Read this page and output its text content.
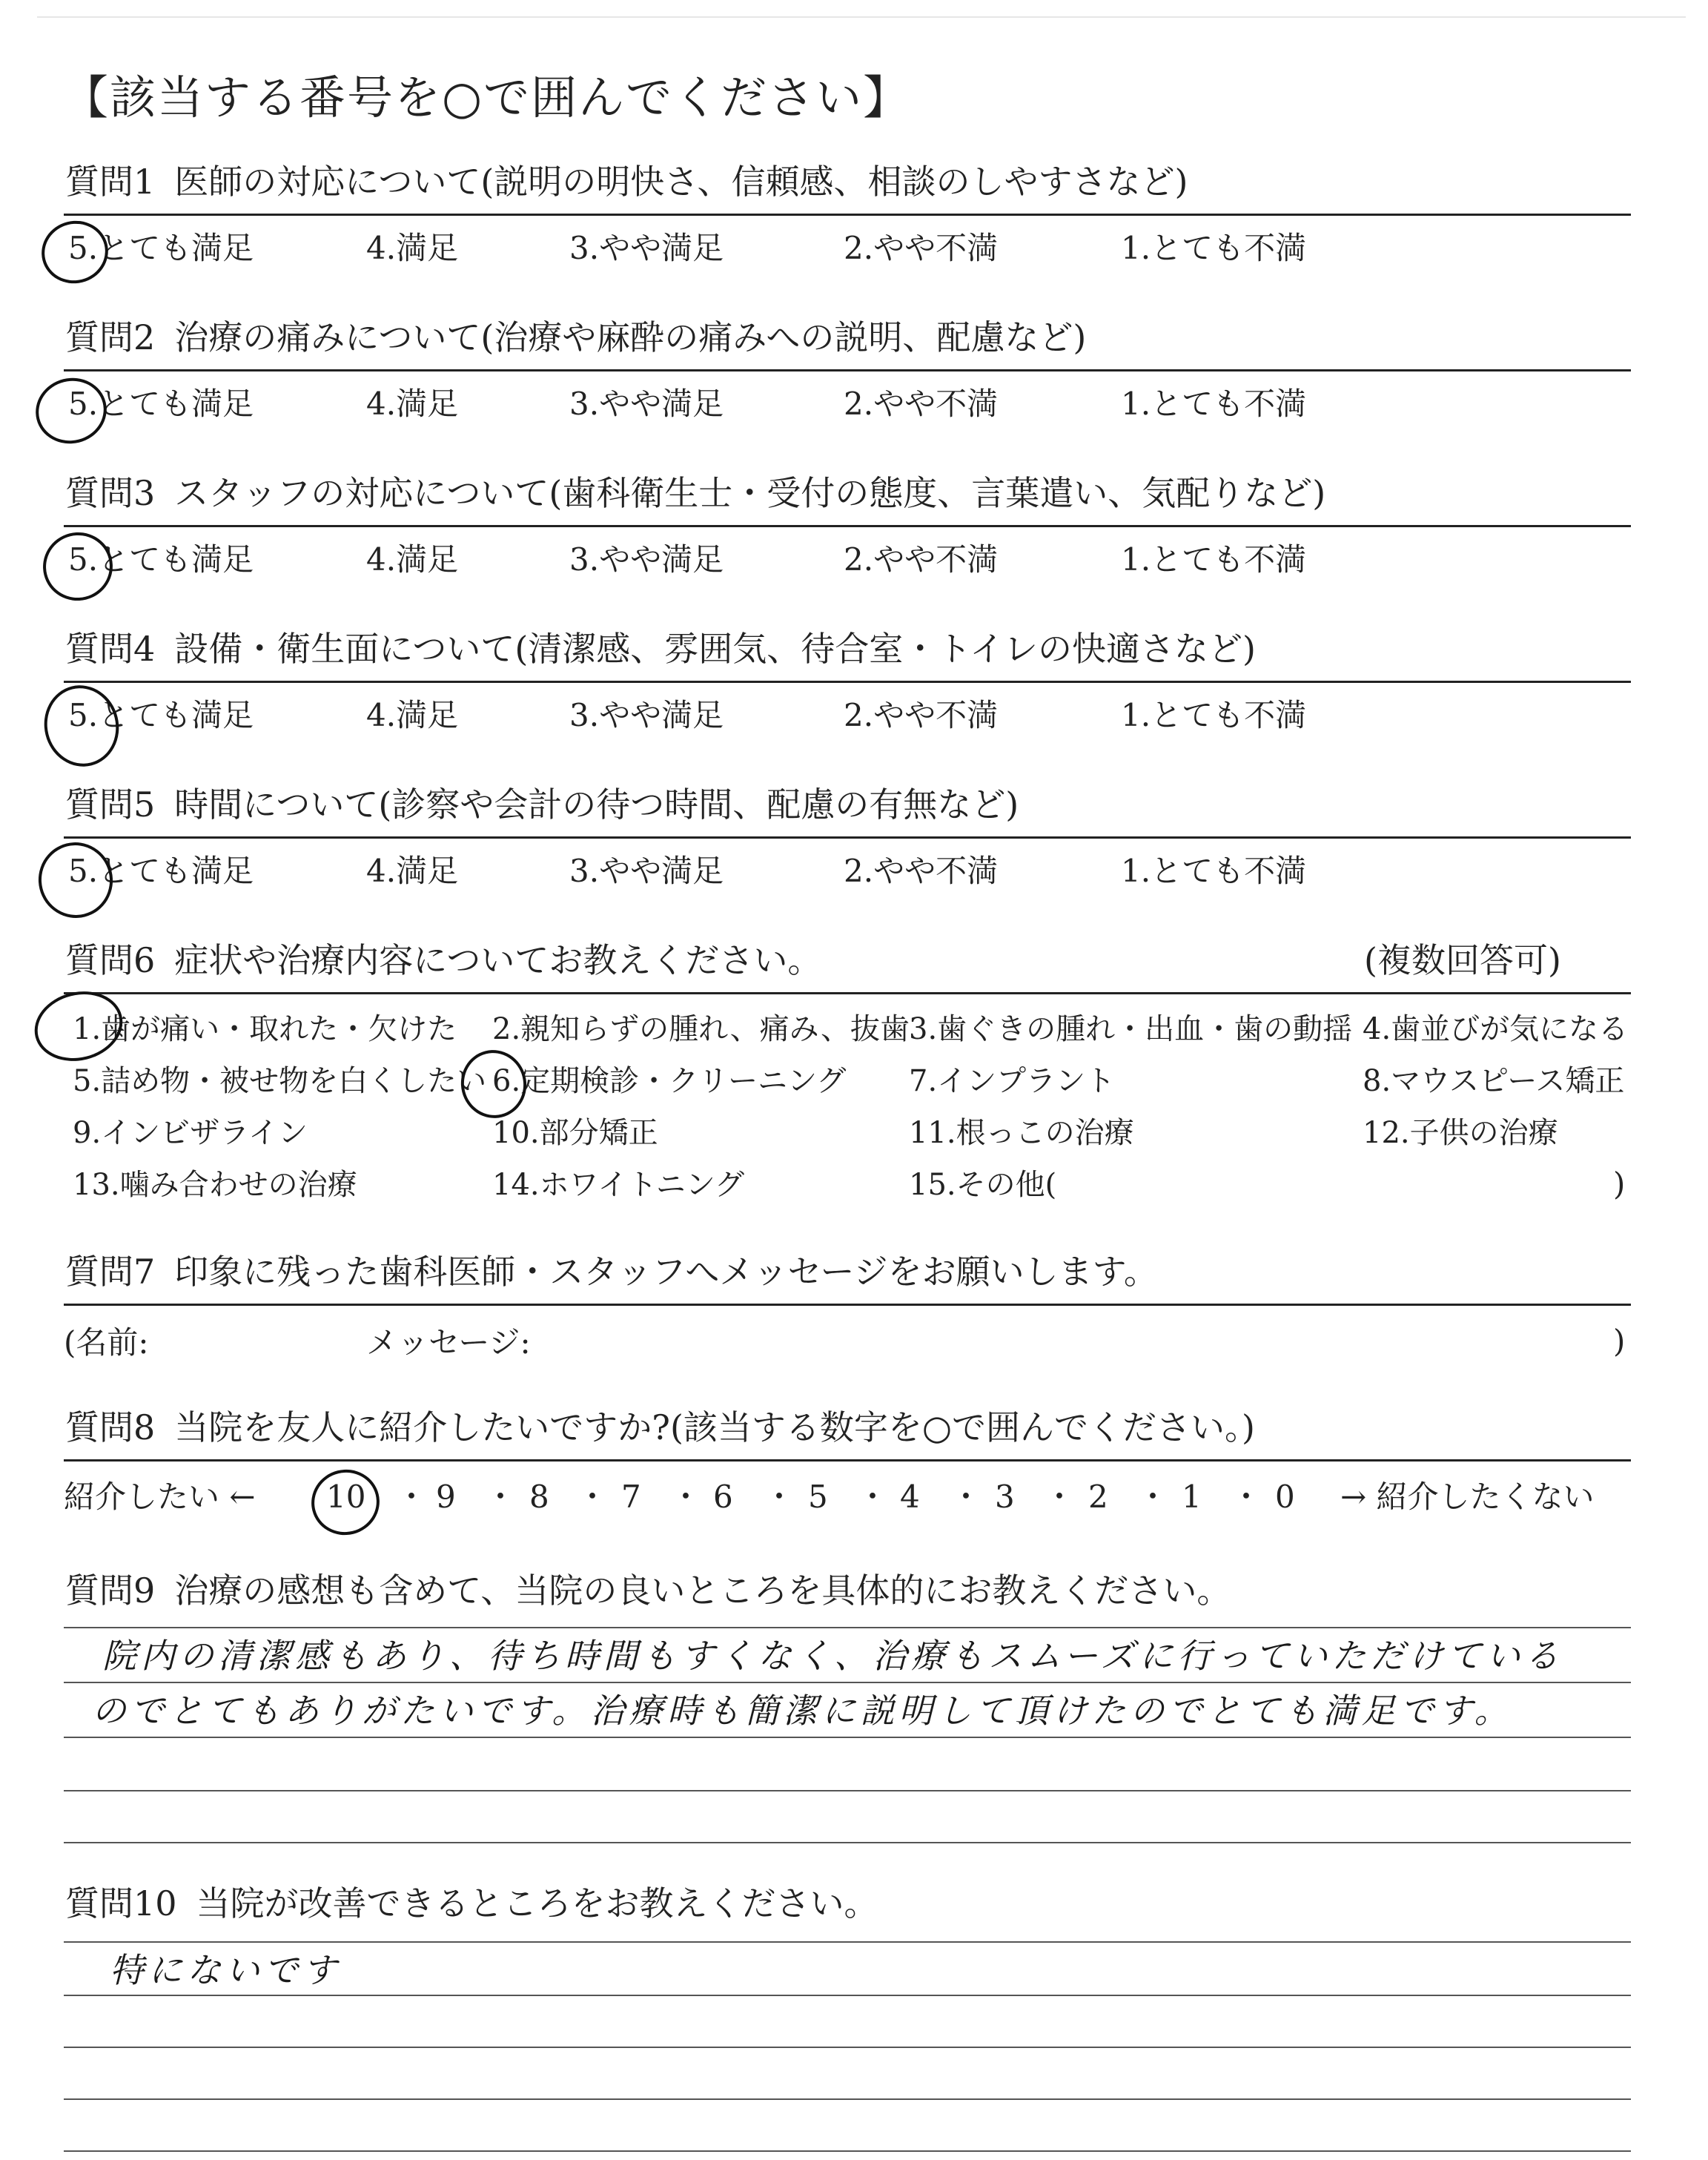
【該当する番号を○で囲んでください】
質問1 医師の対応について(説明の明快さ、信頼感、相談のしやすさなど)
5.とても満足	4.満足	3.やや満足	2.やや不満	1.とても不満
質問2 治療の痛みについて(治療や麻酔の痛みへの説明、配慮など)
5.とても満足	4.満足	3.やや満足	2.やや不満	1.とても不満
質問3 スタッフの対応について(歯科衛生士・受付の態度、言葉遣い、気配りなど)
5.とても満足	4.満足	3.やや満足	2.やや不満	1.とても不満
質問4 設備・衛生面について(清潔感、雰囲気、待合室・トイレの快適さなど)
5.とても満足	4.満足	3.やや満足	2.やや不満	1.とても不満
質問5 時間について(診察や会計の待つ時間、配慮の有無など)
5.とても満足	4.満足	3.やや満足	2.やや不満	1.とても不満
質問6 症状や治療内容についてお教えください。	(複数回答可)
1.歯が痛い・取れた・欠けた 2.親知らずの腫れ、痛み、抜歯 3.歯ぐきの腫れ・出血・歯の動揺 4.歯並びが気になる
5.詰め物・被せ物を白くしたい 6.定期検診・クリーニング 7.インプラント	8.マウスピース矯正
9.インビザライン	10.部分矯正	11.根っこの治療	12.子供の治療
13.噛み合わせの治療	14.ホワイトニング	15.その他(	)
質問7 印象に残った歯科医師・スタッフへメッセージをお願いします。
(名前:	メッセージ:	)
質問8 当院を友人に紹介したいですか?(該当する数字を○で囲んでください。)
紹介したい ← 10 ・ 9 ・ 8 ・ 7 ・ 6 ・ 5 ・ 4 ・ 3 ・ 2 ・ 1 ・ 0 → 紹介したくない
質問9 治療の感想も含めて、当院の良いところを具体的にお教えください。
院内の清潔感もあり、待ち時間もすくなく、治療もスムーズに行っていただけている
のでとてもありがたいです。治療時も簡潔に説明して頂けたのでとても満足です。
質問10 当院が改善できるところをお教えください。
特にないです
